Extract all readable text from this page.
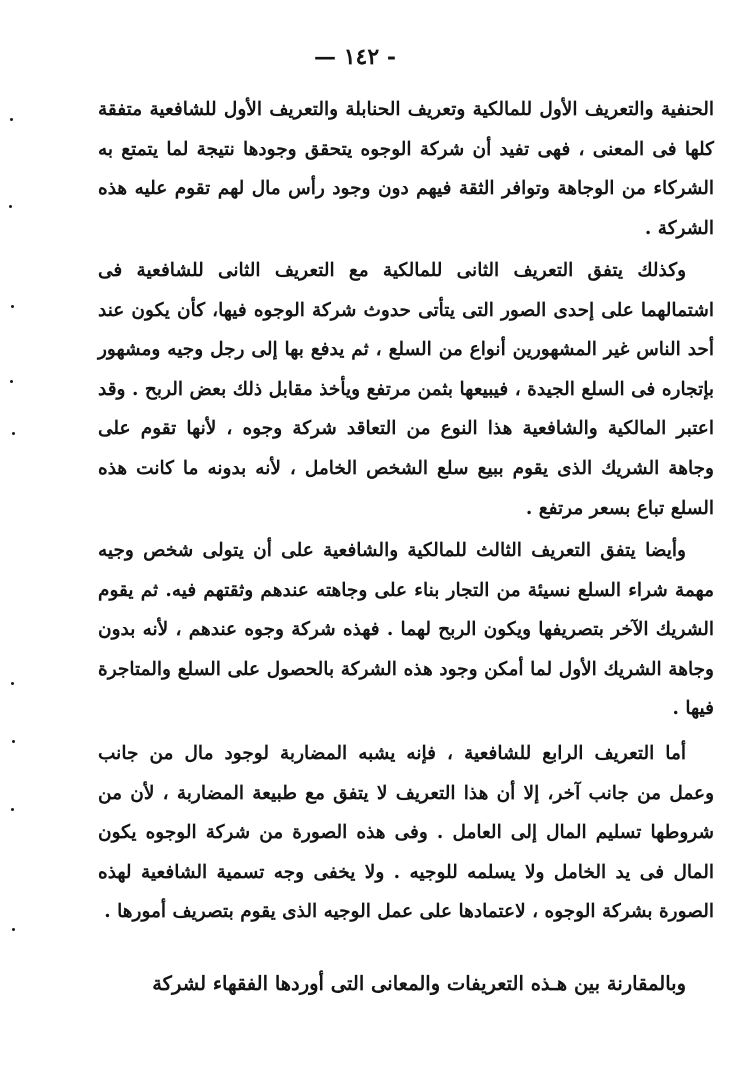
— ١٤٢ -

الحنفية والتعريف الأول للمالكية وتعريف الحنابلة والتعريف الأول للشافعية متفقة كلها فى المعنى ، فهى تفيد أن شركة الوجوه يتحقق وجودها نتيجة لما يتمتع به الشركاء من الوجاهة وتوافر الثقة فيهم دون وجود رأس مال لهم تقوم عليه هذه الشركة .

وكذلك يتفق التعريف الثانى للمالكية مع التعريف الثانى للشافعية فى اشتمالهما على إحدى الصور التى يتأتى حدوث شركة الوجوه فيها، كأن يكون عند أحد الناس غير المشهورين أنواع من السلع ، ثم يدفع بها إلى رجل وجيه ومشهور بإتجاره فى السلع الجيدة ، فيبيعها بثمن مرتفع ويأخذ مقابل ذلك بعض الربح . وقد اعتبر المالكية والشافعية هذا النوع من التعاقد شركة وجوه ، لأنها تقوم على وجاهة الشريك الذى يقوم ببيع سلع الشخص الخامل ، لأنه بدونه ما كانت هذه السلع تباع بسعر مرتفع .

وأيضا يتفق التعريف الثالث للمالكية والشافعية على أن يتولى شخص وجيه مهمة شراء السلع نسيئة من التجار بناء على وجاهته عندهم وثقتهم فيه. ثم يقوم الشريك الآخر بتصريفها ويكون الربح لهما . فهذه شركة وجوه عندهم ، لأنه بدون وجاهة الشريك الأول لما أمكن وجود هذه الشركة بالحصول على السلع والمتاجرة فيها .

أما التعريف الرابع للشافعية ، فإنه يشبه المضاربة لوجود مال من جانب وعمل من جانب آخر، إلا أن هذا التعريف لا يتفق مع طبيعة المضاربة ، لأن من شروطها تسليم المال إلى العامل . وفى هذه الصورة من شركة الوجوه يكون المال فى يد الخامل ولا يسلمه للوجيه . ولا يخفى وجه تسمية الشافعية لهذه الصورة بشركة الوجوه ، لاعتمادها على عمل الوجيه الذى يقوم بتصريف أمورها .

وبالمقارنة بين هـذه التعريفات والمعانى التى أوردها الفقهاء لشركة
